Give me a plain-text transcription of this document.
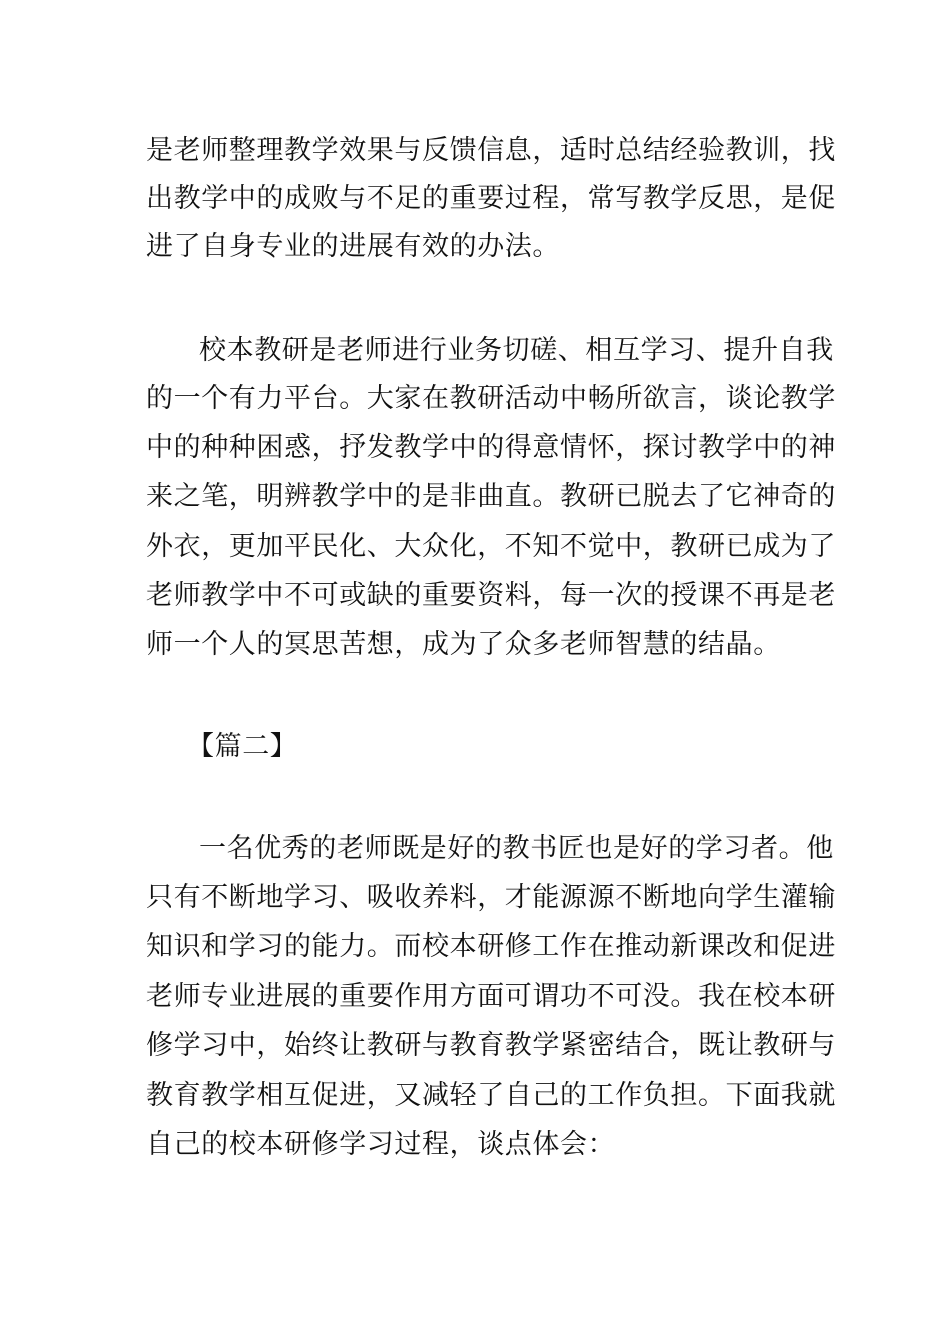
是老师整理教学效果与反馈信息，适时总结经验教训，找
出教学中的成败与不足的重要过程，常写教学反思，是促
进了自身专业的进展有效的办法。
校本教研是老师进行业务切磋、相互学习、提升自我
的一个有力平台。大家在教研活动中畅所欲言，谈论教学
中的种种困惑，抒发教学中的得意情怀，探讨教学中的神
来之笔，明辨教学中的是非曲直。教研已脱去了它神奇的
外衣，更加平民化、大众化，不知不觉中，教研已成为了
老师教学中不可或缺的重要资料，每一次的授课不再是老
师一个人的冥思苦想，成为了众多老师智慧的结晶。
【篇二】
一名优秀的老师既是好的教书匠也是好的学习者。他
只有不断地学习、吸收养料，才能源源不断地向学生灌输
知识和学习的能力。而校本研修工作在推动新课改和促进
老师专业进展的重要作用方面可谓功不可没。我在校本研
修学习中，始终让教研与教育教学紧密结合，既让教研与
教育教学相互促进，又减轻了自己的工作负担。下面我就
自己的校本研修学习过程，谈点体会：
